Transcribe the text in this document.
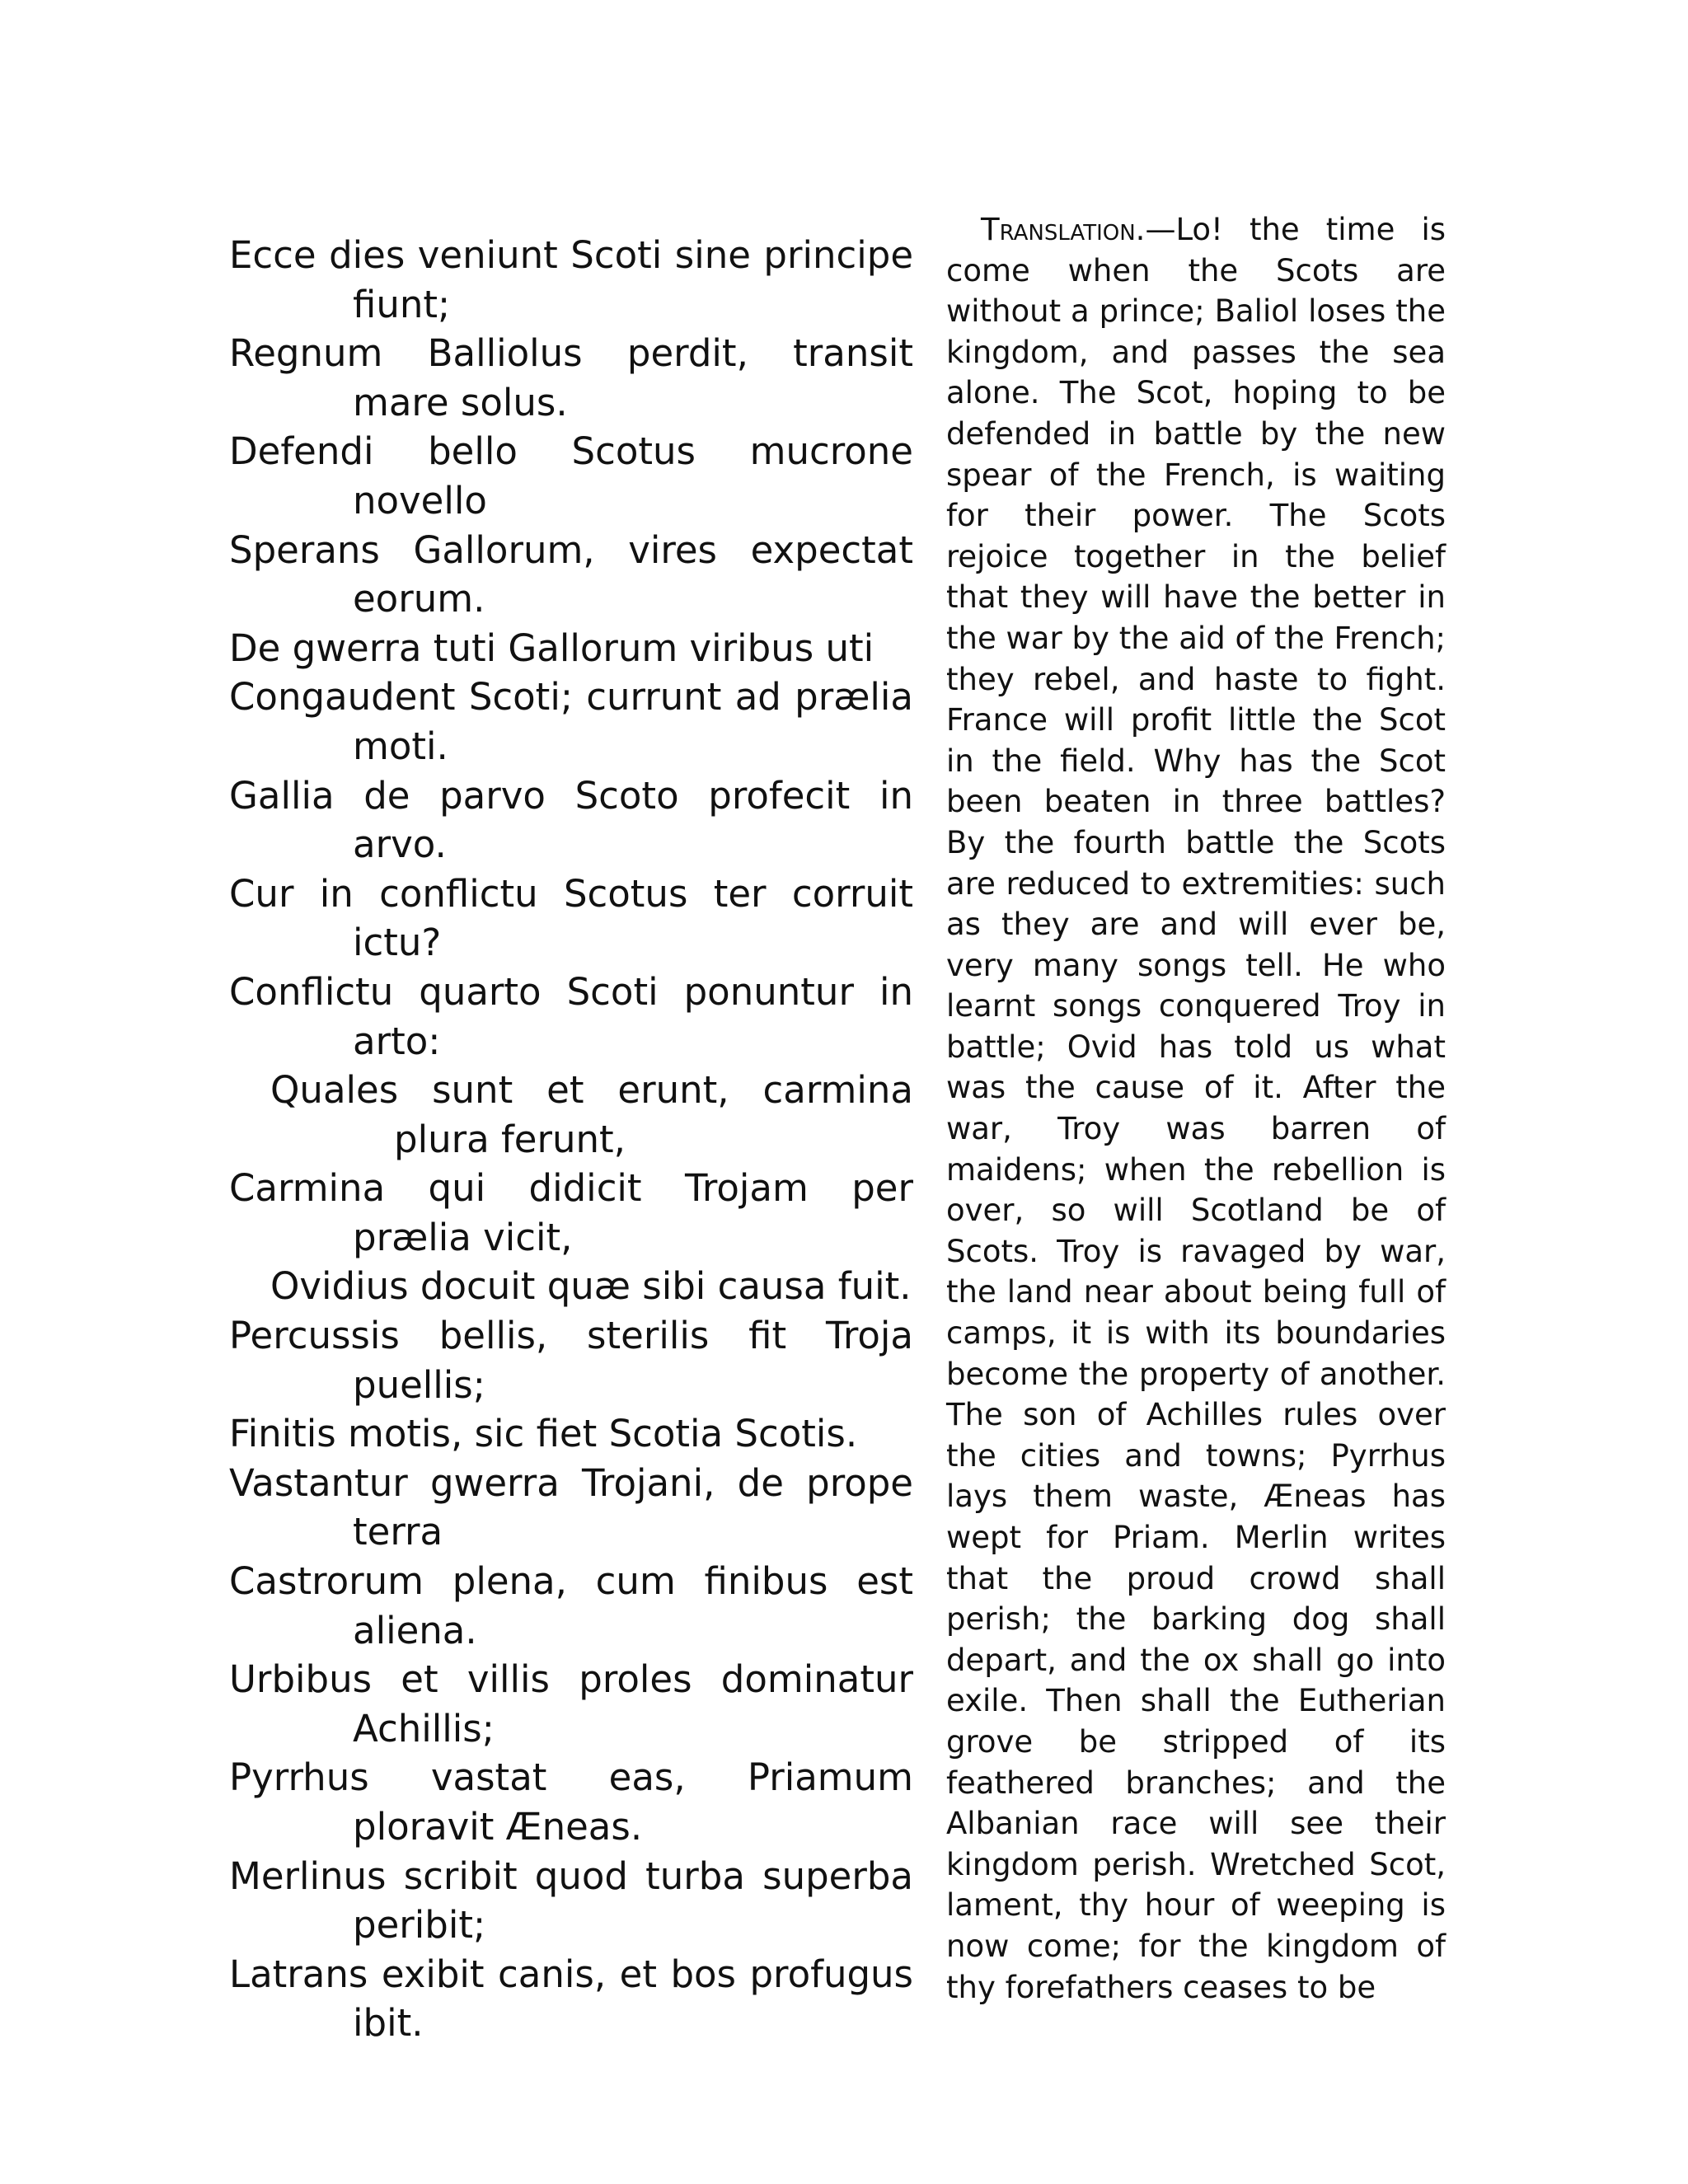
Ecce dies veniunt Scoti sine principe fiunt;
Regnum Balliolus perdit, transit mare solus.
Defendi bello Scotus mucrone novello
Sperans Gallorum, vires expectat eorum.
De gwerra tuti Gallorum viribus uti
Congaudent Scoti; currunt ad prælia moti.
Gallia de parvo Scoto profecit in arvo.
Cur in conflictu Scotus ter corruit ictu?
Conflictu quarto Scoti ponuntur in arto:
Quales sunt et erunt, carmina plura ferunt,
Carmina qui didicit Trojam per prælia vicit,
Ovidius docuit quæ sibi causa fuit.
Percussis bellis, sterilis fit Troja puellis;
Finitis motis, sic fiet Scotia Scotis.
Vastantur gwerra Trojani, de prope terra
Castrorum plena, cum finibus est aliena.
Urbibus et villis proles dominatur Achillis;
Pyrrhus vastat eas, Priamum ploravit Æneas.
Merlinus scribit quod turba superba peribit;
Latrans exibit canis, et bos profugus ibit.

Translation.—Lo! the time is come when the Scots are without a prince; Baliol loses the kingdom, and passes the sea alone. The Scot, hoping to be defended in battle by the new spear of the French, is waiting for their power. The Scots rejoice together in the belief that they will have the better in the war by the aid of the French; they rebel, and haste to fight. France will profit little the Scot in the field. Why has the Scot been beaten in three battles? By the fourth battle the Scots are reduced to extremities: such as they are and will ever be, very many songs tell. He who learnt songs conquered Troy in battle; Ovid has told us what was the cause of it. After the war, Troy was barren of maidens; when the rebellion is over, so will Scotland be of Scots. Troy is ravaged by war, the land near about being full of camps, it is with its boundaries become the property of another. The son of Achilles rules over the cities and towns; Pyrrhus lays them waste, Æneas has wept for Priam. Merlin writes that the proud crowd shall perish; the barking dog shall depart, and the ox shall go into exile. Then shall the Eutherian grove be stripped of its feathered branches; and the Albanian race will see their kingdom perish. Wretched Scot, lament, thy hour of weeping is now come; for the kingdom of thy forefathers ceases to be
